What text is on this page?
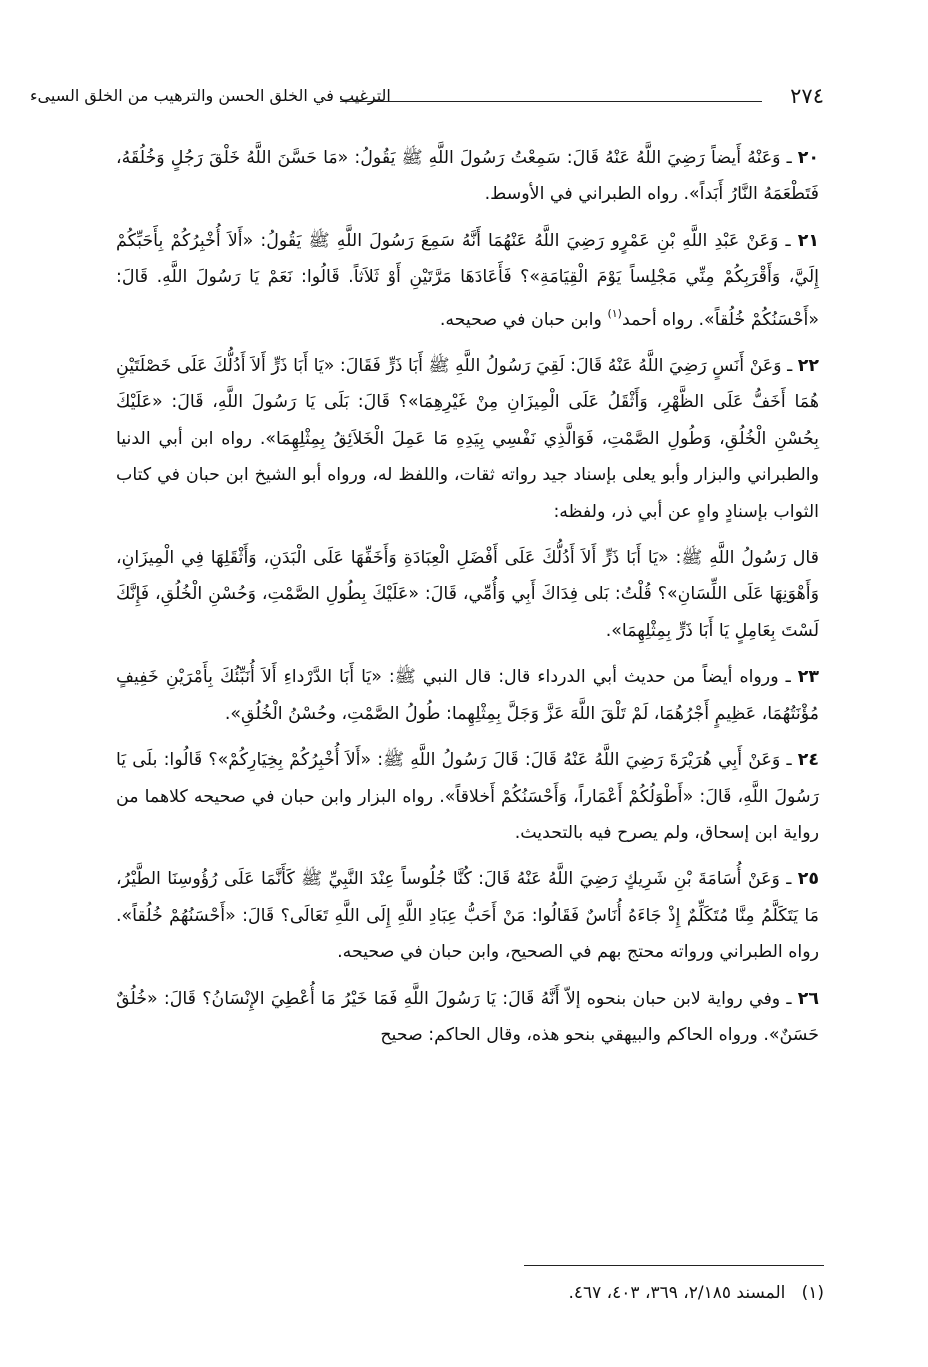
٢٧٤
الترغيب في الخلق الحسن والترهيب من الخلق السيىء

٢٠ ـ وَعَنْهُ أَيضاً رَضِيَ اللَّهُ عَنْهُ قَالَ: سَمِعْتُ رَسُولَ اللَّهِ ﷺ يَقُولُ: «مَا حَسَّنَ اللَّهُ خَلْقَ رَجُلٍ وَخُلُقَهُ، فَتَطْعَمَهُ النَّارُ أَبَداً». رواه الطبراني في الأوسط.

٢١ ـ وَعَنْ عَبْدِ اللَّهِ بْنِ عَمْرٍو رَضِيَ اللَّهُ عَنْهُمَا أَنَّهُ سَمِعَ رَسُولَ اللَّهِ ﷺ يَقُولُ: «أَلاَ أُخْبِرُكُمْ بِأَحَبِّكُمْ إِلَيَّ، وَأَقْرَبِكُمْ مِنِّي مَجْلِساً يَوْمَ الْقِيَامَةِ»؟ فَأَعَادَهَا مَرَّتَيْنِ أَوْ ثَلاَثاً. قَالُوا: نَعَمْ يَا رَسُولَ اللَّهِ. قَالَ: «أَحْسَنُكُمْ خُلُقاً». رواه أحمد$^{(١)}$ وابن حبان في صحيحه.

٢٢ ـ وَعَنْ أَنَسٍ رَضِيَ اللَّهُ عَنْهُ قَالَ: لَقِيَ رَسُولُ اللَّهِ ﷺ أَبَا ذَرٍّ فَقَالَ: «يَا أَبَا ذَرٍّ أَلاَ أَدُلُّكَ عَلَى خَصْلَتَيْنِ هُمَا أَخَفُّ عَلَى الظَّهْرِ، وَأَثْقَلُ عَلَى الْمِيزَانِ مِنْ غَيْرِهِمَا»؟ قَالَ: بَلَى يَا رَسُولَ اللَّهِ، قَالَ: «عَلَيْكَ بِحُسْنِ الْخُلُقِ، وَطُولِ الصَّمْتِ، فَوَالَّذِي نَفْسِي بِيَدِهِ مَا عَمِلَ الْخَلاَئِقُ بِمِثْلِهِمَا». رواه ابن أبي الدنيا والطبراني والبزار وأبو يعلى بإسناد جيد رواته ثقات، واللفظ له، ورواه أبو الشيخ ابن حبان في كتاب الثواب بإسنادٍ واهٍ عن أبي ذر، ولفظه:

قال رَسُولُ اللَّهِ ﷺ: «يَا أَبَا ذَرٍّ أَلاَ أَدُلُّكَ عَلَى أَفْضَلِ الْعِبَادَةِ وَأَخَفِّهَا عَلَى الْبَدَنِ، وَأَثْقَلِهَا فِي الْمِيزَانِ، وَأَهْوَنِهَا عَلَى اللِّسَانِ»؟ قُلْتُ: بَلى فِدَاكَ أَبِي وَأُمِّي، قَالَ: «عَلَيْكَ بِطُولِ الصَّمْتِ، وَحُسْنِ الْخُلُقِ، فَإِنَّكَ لَسْتَ بِعَامِلٍ يَا أَبَا ذَرٍّ بِمِثْلِهِمَا».

٢٣ ـ ورواه أيضاً من حديث أبي الدرداء قال: قال النبي ﷺ: «يَا أَبَا الدَّرْداءِ أَلاَ أُنَبِّئُكَ بِأَمْرَيْنِ خَفِيفٍ مُؤْنَتُهُمَا، عَظِيمٍ أَجْرُهُمَا، لَمْ تَلْقَ اللَّهَ عَزَّ وَجَلَّ بِمِثْلِهِما: طُولُ الصَّمْتِ، وحُسْنُ الْخُلُقِ».

٢٤ ـ وَعَنْ أَبِي هُرَيْرَةَ رَضِيَ اللَّهُ عَنْهُ قَالَ: قَالَ رَسُولُ اللَّهِ ﷺ: «أَلاَ أُخْبِرُكُمْ بِخِيَارِكُمْ»؟ قَالُوا: بلَى يَا رَسُولَ اللَّهِ، قَالَ: «أَطْوَلُكُمْ أَعْمَاراً، وَأَحْسَنُكُمْ أَخلاقاً». رواه البزار وابن حبان في صحيحه كلاهما من رواية ابن إسحاق، ولم يصرح فيه بالتحديث.

٢٥ ـ وَعَنْ أُسَامَةَ بْنِ شَرِيكٍ رَضِيَ اللَّهُ عَنْهُ قَالَ: كُنَّا جُلُوساً عِنْدَ النَّبِيِّ ﷺ كَأَنَّمَا عَلَى رُؤُوسِنَا الطَّيْرُ، مَا يَتَكَلَّمُ مِنَّا مُتَكَلِّمٌ إِذْ جَاءَهُ أُنَاسٌ فَقَالُوا: مَنْ أَحَبُّ عِبَادِ اللَّهِ إِلَى اللَّهِ تَعَالَى؟ قَالَ: «أَحْسَنُهُمْ خُلُقاً». رواه الطبراني ورواته محتج بهم في الصحيح، وابن حبان في صحيحه.

٢٦ ـ وفي رواية لابن حبان بنحوه إلاّ أَنَّهُ قَالَ: يَا رَسُولَ اللَّهِ فَمَا خَيْرُ مَا أُعْطِيَ الإِنْسَانُ؟ قَالَ: «خُلُقٌ حَسَنٌ». ورواه الحاكم والبيهقي بنحو هذه، وقال الحاكم: صحيح

(١)   المسند ٢/١٨٥، ٣٦٩، ٤٠٣، ٤٦٧.
